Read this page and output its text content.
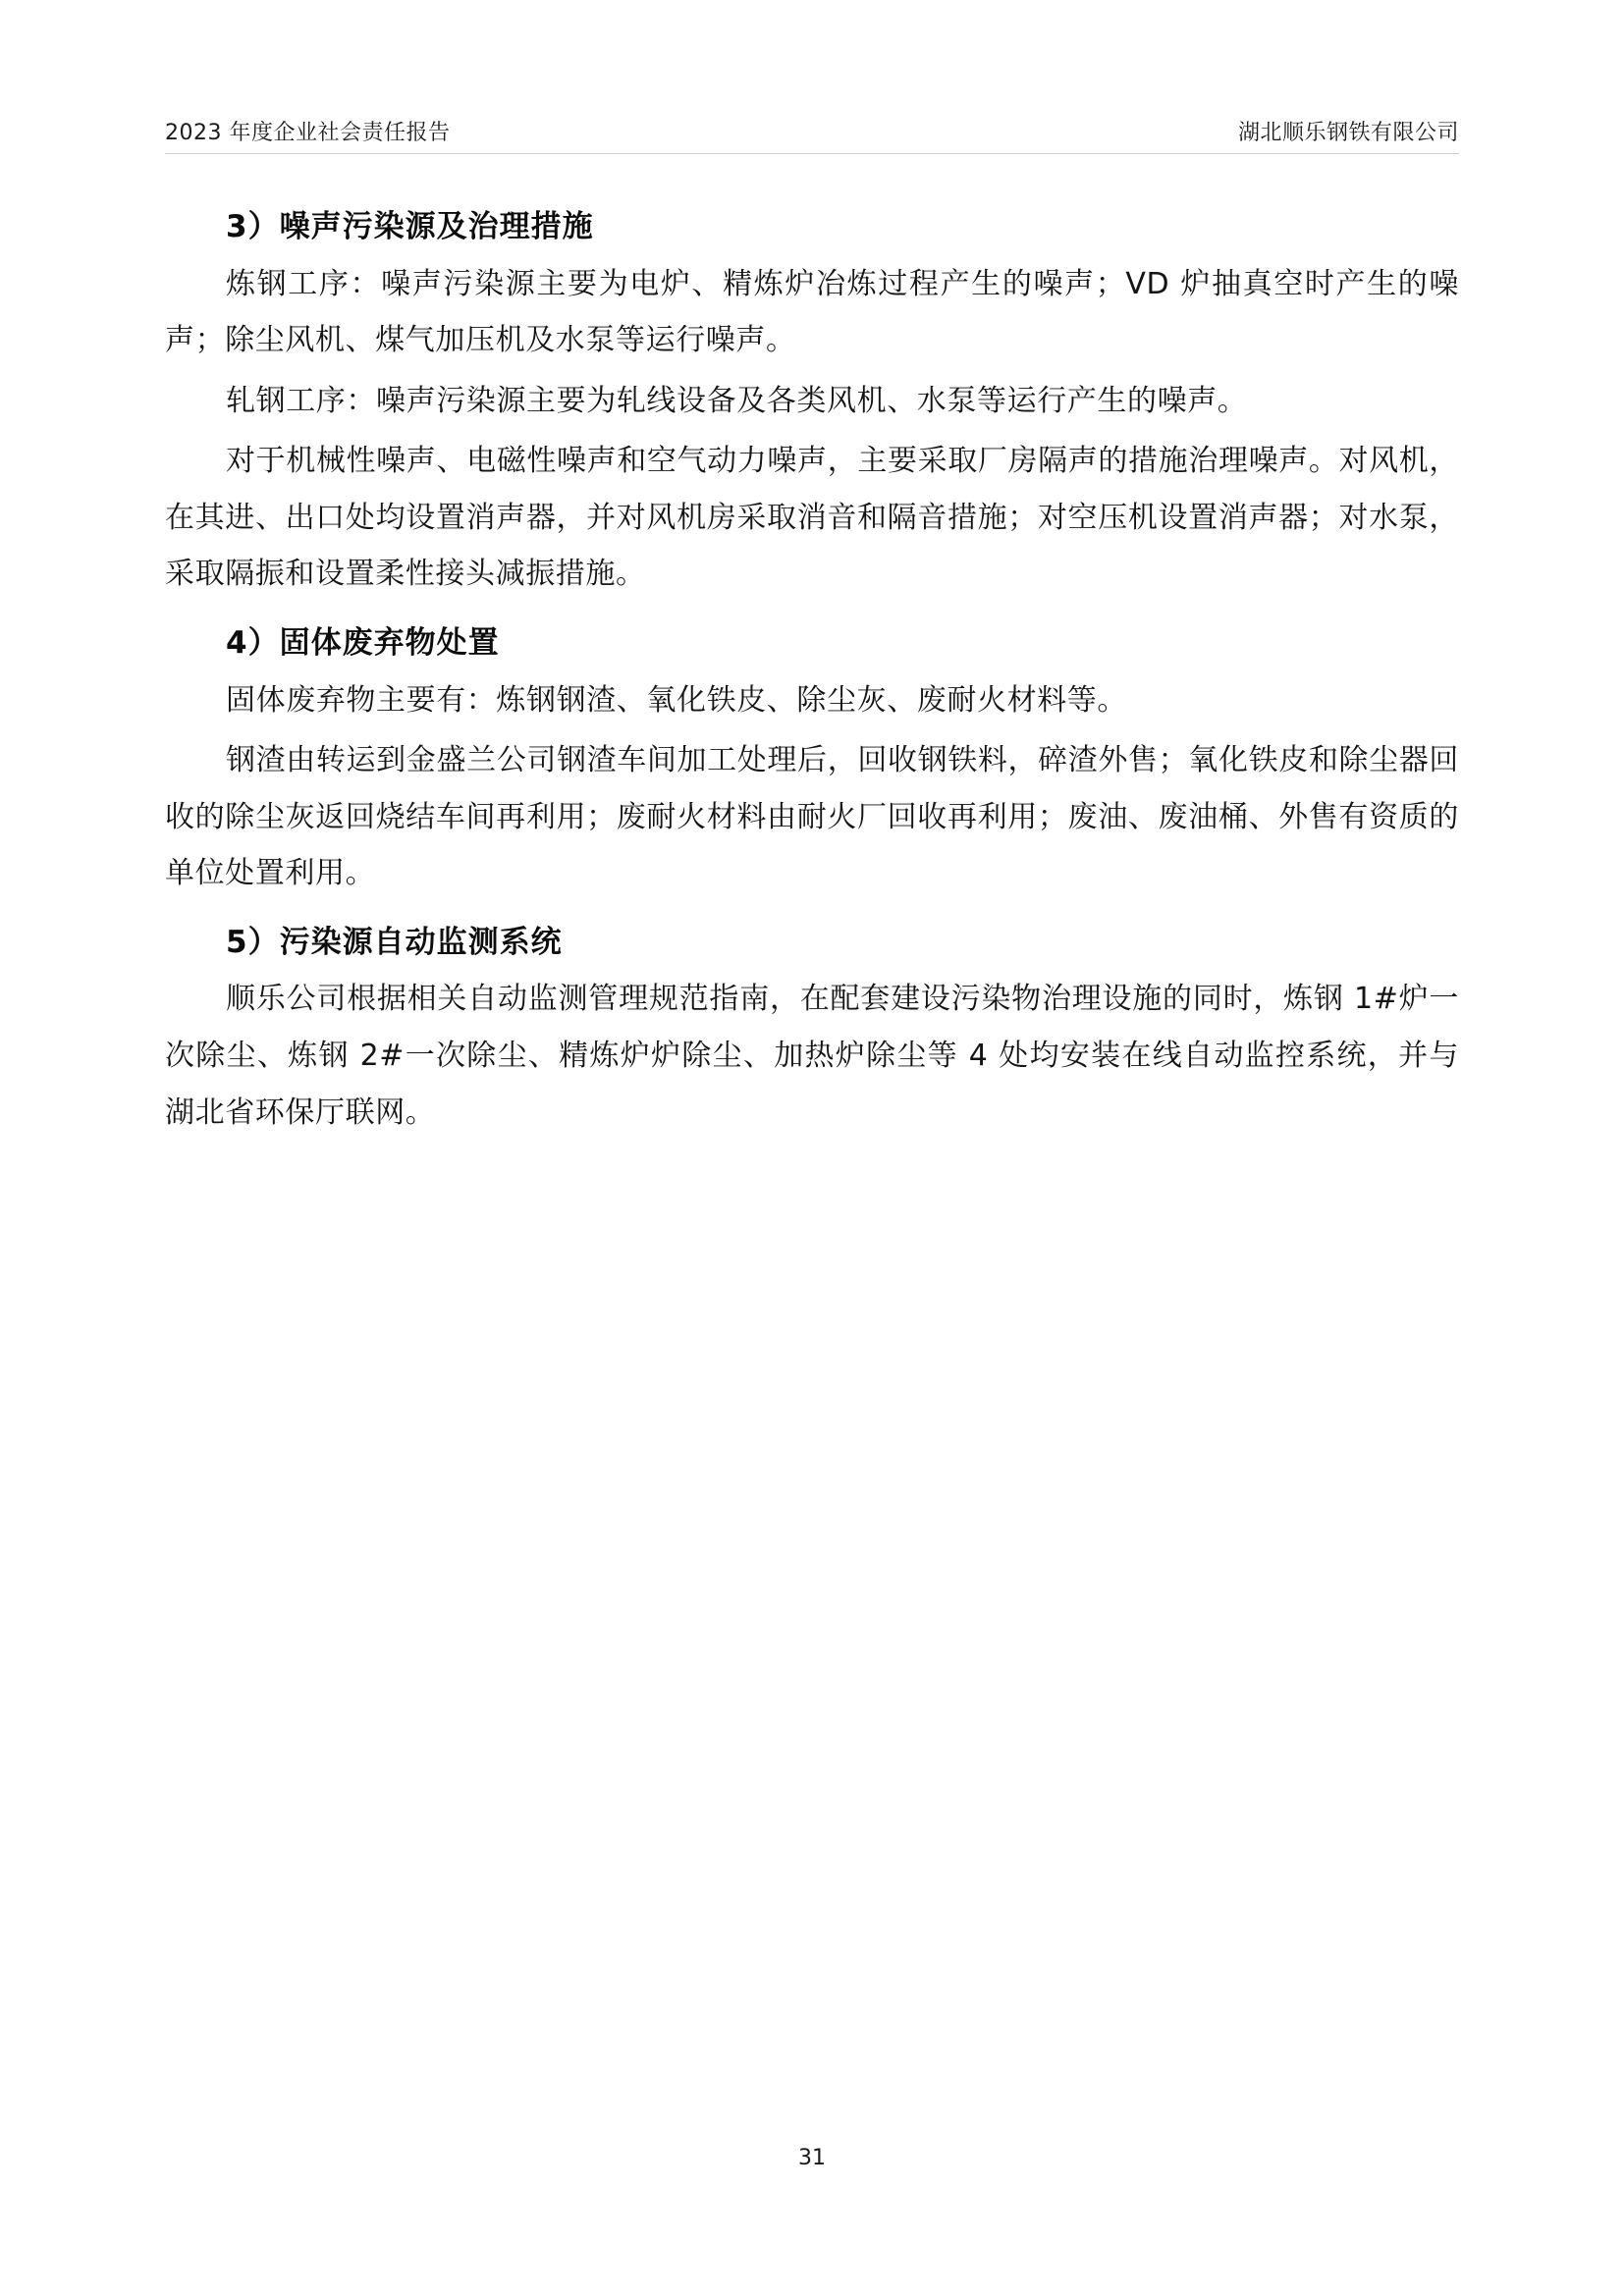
2023 年度企业社会责任报告	湖北顺乐钢铁有限公司
3）噪声污染源及治理措施

炼钢工序：噪声污染源主要为电炉、精炼炉冶炼过程产生的噪声；VD 炉抽真空时产生的噪声；除尘风机、煤气加压机及水泵等运行噪声。

轧钢工序：噪声污染源主要为轧线设备及各类风机、水泵等运行产生的噪声。

对于机械性噪声、电磁性噪声和空气动力噪声，主要采取厂房隔声的措施治理噪声。对风机，在其进、出口处均设置消声器，并对风机房采取消音和隔音措施；对空压机设置消声器；对水泵，采取隔振和设置柔性接头减振措施。

4）固体废弃物处置

固体废弃物主要有：炼钢钢渣、氧化铁皮、除尘灰、废耐火材料等。

钢渣由转运到金盛兰公司钢渣车间加工处理后，回收钢铁料，碎渣外售；氧化铁皮和除尘器回收的除尘灰返回烧结车间再利用；废耐火材料由耐火厂回收再利用；废油、废油桶、外售有资质的单位处置利用。

5）污染源自动监测系统

顺乐公司根据相关自动监测管理规范指南，在配套建设污染物治理设施的同时，炼钢 1#炉一次除尘、炼钢 2#一次除尘、精炼炉炉除尘、加热炉除尘等 4 处均安装在线自动监控系统，并与湖北省环保厅联网。

31
